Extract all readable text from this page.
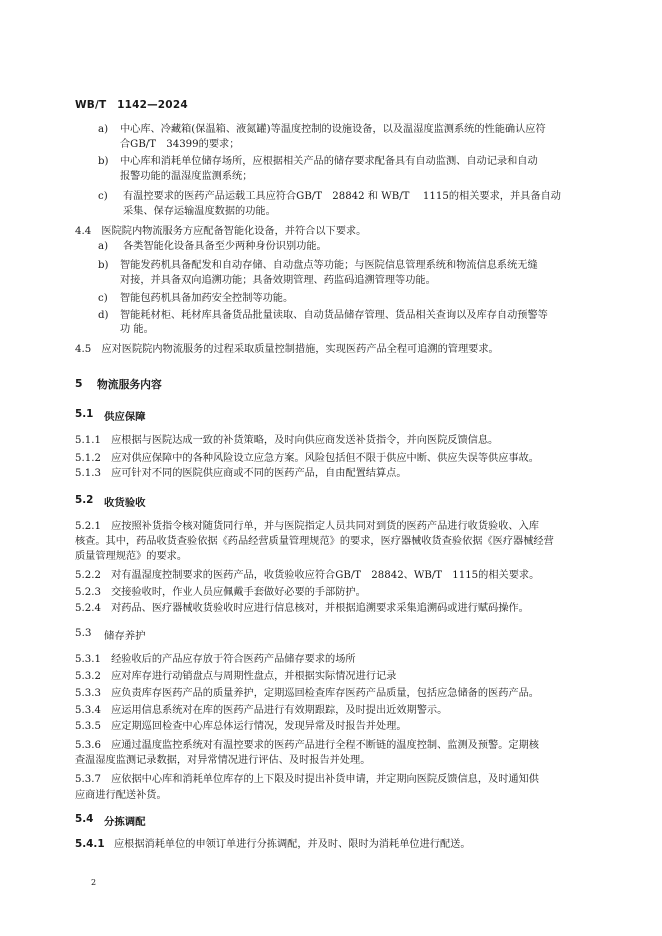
WB/T　1142—2024
a) 中心库、冷藏箱(保温箱、液氮罐)等温度控制的设施设备，以及温湿度监测系统的性能确认应符
合GB/T　34399的要求；
b) 中心库和消耗单位储存场所，应根据相关产品的储存要求配备具有自动监测、自动记录和自动
报警功能的温湿度监测系统；
c) 有温控要求的医药产品运载工具应符合GB/T　28842 和 WB/T　 1115的相关要求，并具备自动
采集、保存运输温度数据的功能。
4.4　医院院内物流服务方应配备智能化设备，并符合以下要求。
a) 各类智能化设备具备至少两种身份识别功能。
b) 智能发药机具备配发和自动存储、自动盘点等功能；与医院信息管理系统和物流信息系统无缝
对接，并具备双向追溯功能；具备效期管理、药监码追溯管理等功能。
c) 智能包药机具备加药安全控制等功能。
d) 智能耗材柜、耗材库具备货品批量读取、自动货品储存管理、货品相关查询以及库存自动预警等
功 能。
4.5　应对医院院内物流服务的过程采取质量控制措施，实现医药产品全程可追溯的管理要求。
5 物流服务内容
5.1 供应保障
5.1.1　应根据与医院达成一致的补货策略，及时向供应商发送补货指令，并向医院反馈信息。
5.1.2　应对供应保障中的各种风险设立应急方案。风险包括但不限于供应中断、供应失误等供应事故。
5.1.3　应可针对不同的医院供应商或不同的医药产品，自由配置结算点。
5.2 收货验收
5.2.1　应按照补货指令核对随货同行单，并与医院指定人员共同对到货的医药产品进行收货验收、入库
核查。其中，药品收货查验依据《药品经营质量管理规范》的要求，医疗器械收货查验依据《医疗器械经营
质量管理规范》的要求。
5.2.2　对有温湿度控制要求的医药产品，收货验收应符合GB/T　28842、WB/T　1115的相关要求。
5.2.3　交接验收时，作业人员应佩戴手套做好必要的手部防护。
5.2.4　对药品、医疗器械收货验收时应进行信息核对，并根据追溯要求采集追溯码或进行赋码操作。
5.3 储存养护
5.3.1　经验收后的产品应存放于符合医药产品储存要求的场所
5.3.2　应对库存进行动销盘点与周期性盘点，并根据实际情况进行记录
5.3.3　应负责库存医药产品的质量养护，定期巡回检查库存医药产品质量，包括应急储备的医药产品。
5.3.4　应运用信息系统对在库的医药产品进行有效期跟踪，及时提出近效期警示。
5.3.5　应定期巡回检查中心库总体运行情况，发现异常及时报告并处理。
5.3.6　应通过温度监控系统对有温控要求的医药产品进行全程不断链的温度控制、监测及预警。定期核
查温湿度监测记录数据，对异常情况进行评估、及时报告并处理。
5.3.7　应依据中心库和消耗单位库存的上下限及时提出补货申请，并定期向医院反馈信息，及时通知供
应商进行配送补货。
5.4 分拣调配
5.4.1 应根据消耗单位的申领订单进行分拣调配，并及时、限时为消耗单位进行配送。
2
